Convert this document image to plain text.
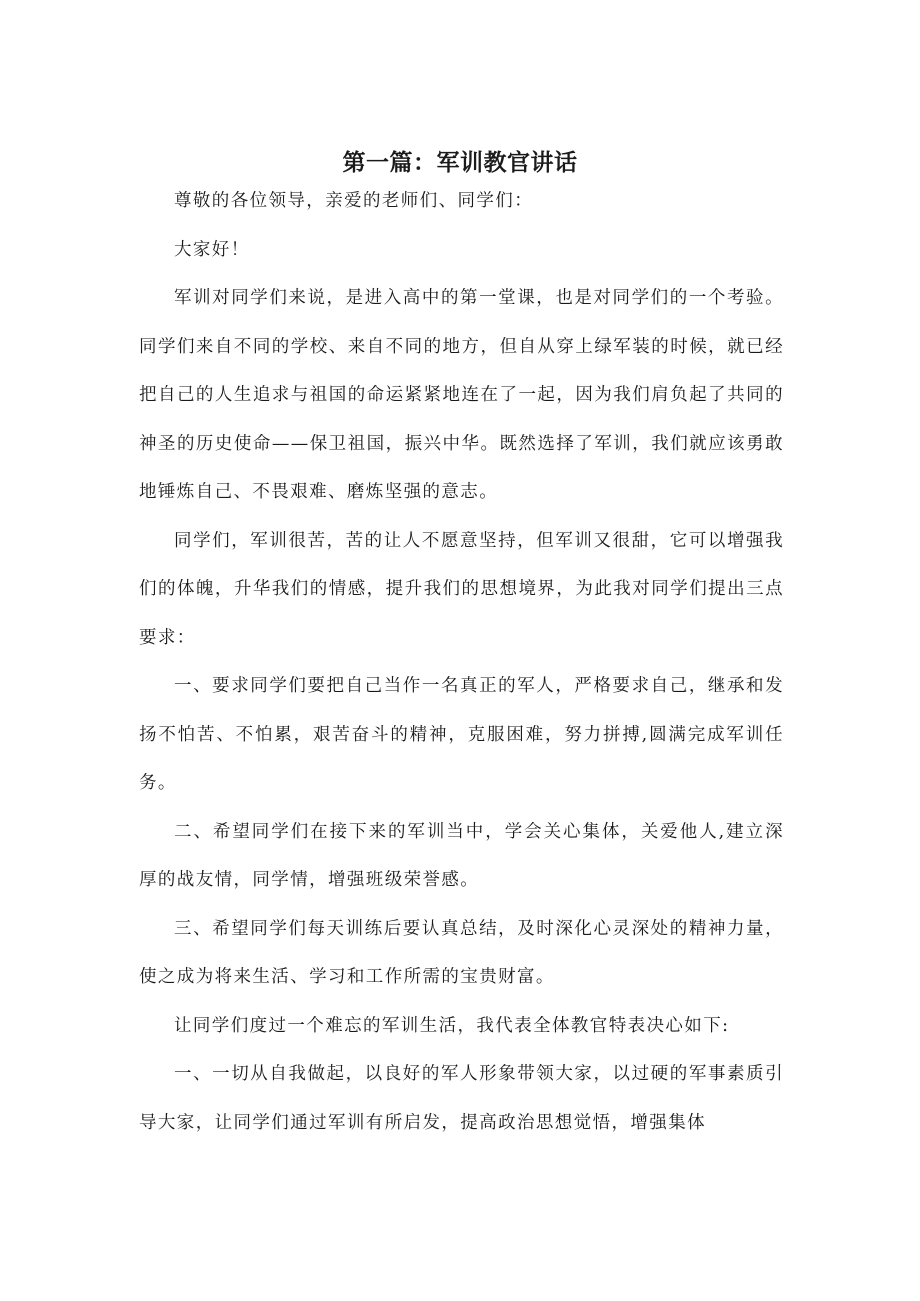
第一篇：军训教官讲话

尊敬的各位领导，亲爱的老师们、同学们：

大家好！

军训对同学们来说，是进入高中的第一堂课，也是对同学们的一个考验。同学们来自不同的学校、来自不同的地方，但自从穿上绿军装的时候，就已经把自己的人生追求与祖国的命运紧紧地连在了一起，因为我们肩负起了共同的神圣的历史使命——保卫祖国，振兴中华。既然选择了军训，我们就应该勇敢地锤炼自己、不畏艰难、磨炼坚强的意志。

同学们，军训很苦，苦的让人不愿意坚持，但军训又很甜，它可以增强我们的体魄，升华我们的情感，提升我们的思想境界，为此我对同学们提出三点要求：

一、要求同学们要把自己当作一名真正的军人，严格要求自己，继承和发扬不怕苦、不怕累，艰苦奋斗的精神，克服困难，努力拼搏,圆满完成军训任务。

二、希望同学们在接下来的军训当中，学会关心集体，关爱他人,建立深厚的战友情，同学情，增强班级荣誉感。

三、希望同学们每天训练后要认真总结，及时深化心灵深处的精神力量，使之成为将来生活、学习和工作所需的宝贵财富。

让同学们度过一个难忘的军训生活，我代表全体教官特表决心如下:

一、一切从自我做起，以良好的军人形象带领大家，以过硬的军事素质引导大家，让同学们通过军训有所启发，提高政治思想觉悟，增强集体
